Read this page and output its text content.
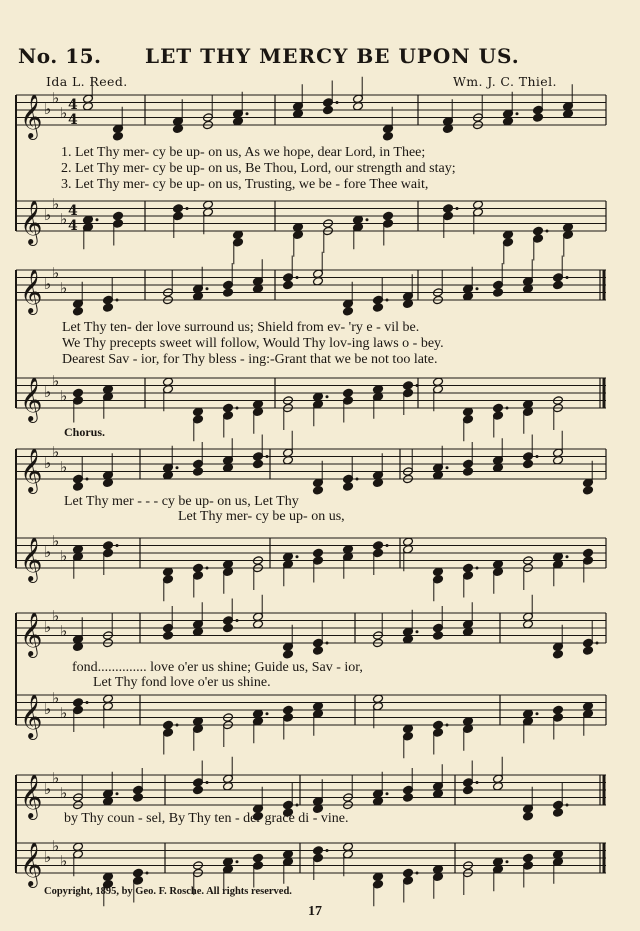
No. 15. LET THY MERCY BE UPON US.
Ida L. Reed.	Wm. J. C. Thiel.
𝄞 ♭
♭
♭ 4
4
𝄞 ♭
♭
♭ 4
4
𝄞 ♭
♭
♭
𝄞 ♭
♭
♭
𝄞 ♭
♭
♭
𝄞 ♭
♭
♭
𝄞 ♭
♭
♭
𝄞 ♭
♭
♭
𝄞 ♭
♭
♭
𝄞 ♭
♭
♭
1. Let Thy mer- cy be up- on us, As we hope, dear Lord, in Thee;
2. Let Thy mer- cy be up- on us, Be Thou, Lord, our strength and stay;
3. Let Thy mer- cy be up- on us, Trusting, we be - fore Thee wait,
Let Thy ten- der love surround us; Shield from ev- 'ry e - vil be.
We Thy precepts sweet will follow, Would Thy lov-ing laws o - bey.
Dearest Sav - ior, for Thy bless - ing:-Grant that we be not too late.
Chorus.
Let Thy mer - - - cy be up- on us, Let Thy
Let Thy mer- cy be up- on us,
fond.............. love o'er us shine; Guide us, Sav - ior,
Let Thy fond love o'er us shine.
by Thy coun - sel, By Thy ten - der grace di - vine.
Copyright, 1895, by Geo. F. Rosche. All rights reserved.
17
